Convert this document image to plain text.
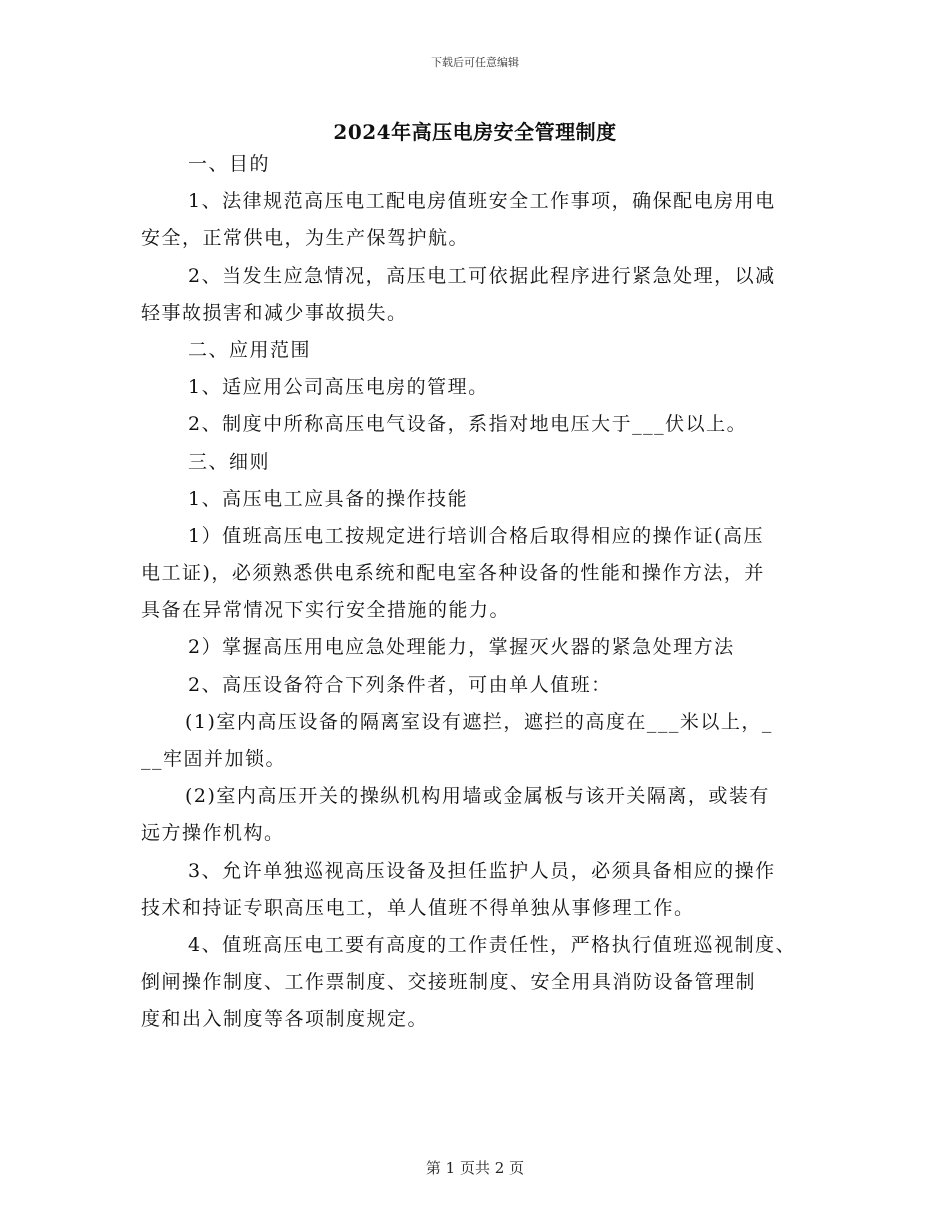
下载后可任意编辑
2024年高压电房安全管理制度
一、目的
1、法律规范高压电工配电房值班安全工作事项，确保配电房用电
安全，正常供电，为生产保驾护航。
2、当发生应急情况，高压电工可依据此程序进行紧急处理，以减
轻事故损害和减少事故损失。
二、应用范围
1、适应用公司高压电房的管理。
2、制度中所称高压电气设备，系指对地电压大于___伏以上。
三、细则
1、高压电工应具备的操作技能
1）值班高压电工按规定进行培训合格后取得相应的操作证(高压
电工证)，必须熟悉供电系统和配电室各种设备的性能和操作方法，并
具备在异常情况下实行安全措施的能力。
2）掌握高压用电应急处理能力，掌握灭火器的紧急处理方法
2、高压设备符合下列条件者，可由单人值班：
(1)室内高压设备的隔离室设有遮拦，遮拦的高度在___米以上，_
__牢固并加锁。
(2)室内高压开关的操纵机构用墙或金属板与该开关隔离，或装有
远方操作机构。
3、允许单独巡视高压设备及担任监护人员，必须具备相应的操作
技术和持证专职高压电工，单人值班不得单独从事修理工作。
4、值班高压电工要有高度的工作责任性，严格执行值班巡视制度、
倒闸操作制度、工作票制度、交接班制度、安全用具消防设备管理制
度和出入制度等各项制度规定。
第 1 页共 2 页
